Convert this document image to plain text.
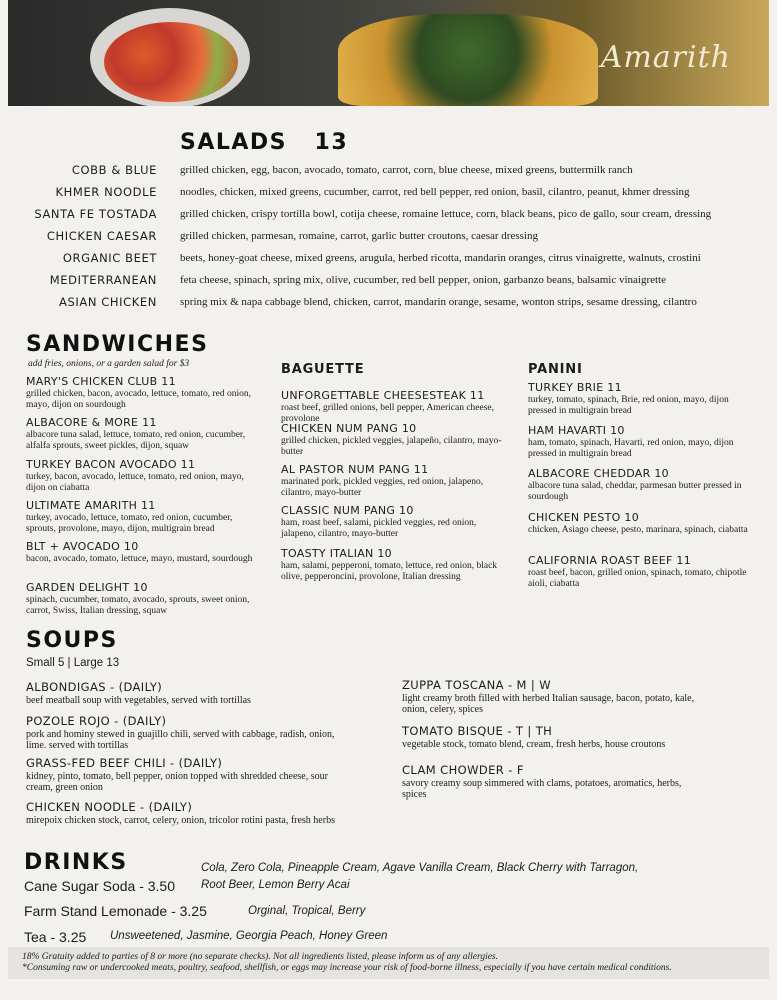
Amarith
SALADS 13
COBB & BLUE grilled chicken, egg, bacon, avocado, tomato, carrot, corn, blue cheese, mixed greens, buttermilk ranch
KHMER NOODLE noodles, chicken, mixed greens, cucumber, carrot, red bell pepper, red onion, basil, cilantro, peanut, khmer dressing
SANTA FE TOSTADA grilled chicken, crispy tortilla bowl, cotija cheese, romaine lettuce, corn, black beans, pico de gallo, sour cream, dressing
CHICKEN CAESAR grilled chicken, parmesan, romaine, carrot, garlic butter croutons, caesar dressing
ORGANIC BEET beets, honey-goat cheese, mixed greens, arugula, herbed ricotta, mandarin oranges, citrus vinaigrette, walnuts, crostini
MEDITERRANEAN feta cheese, spinach, spring mix, olive, cucumber, red bell pepper, onion, garbanzo beans, balsamic vinaigrette
ASIAN CHICKEN spring mix & napa cabbage blend, chicken, carrot, mandarin orange, sesame, wonton strips, sesame dressing, cilantro
SANDWICHES
add fries, onions, or a garden salad for $3
MARY'S CHICKEN CLUB 11
grilled chicken, bacon, avocado, lettuce, tomato, red onion, mayo, dijon on sourdough
ALBACORE & MORE 11
albacore tuna salad, lettuce, tomato, red onion, cucumber, alfalfa sprouts, sweet pickles, dijon, squaw
TURKEY BACON AVOCADO 11
turkey, bacon, avocado, lettuce, tomato, red onion, mayo, dijon on ciabatta
ULTIMATE AMARITH 11
turkey, avocado, lettuce, tomato, red onion, cucumber, sprouts, provolone, mayo, dijon, multigrain bread
BLT + AVOCADO 10
bacon, avocado, tomato, lettuce, mayo, mustard, sourdough
GARDEN DELIGHT 10
spinach, cucumber, tomato, avocado, sprouts, sweet onion, carrot, Swiss, Italian dressing, squaw
BAGUETTE
UNFORGETTABLE CHEESESTEAK 11
roast beef, grilled onions, bell pepper, American cheese, provolone
CHICKEN NUM PANG 10
grilled chicken, pickled veggies, jalapeño, cilantro, mayo-butter
AL PASTOR NUM PANG 11
marinated pork, pickled veggies, red onion, jalapeno, cilantro, mayo-butter
CLASSIC NUM PANG 10
ham, roast beef, salami, pickled veggies, red onion, jalapeno, cilantro, mayo-butter
TOASTY ITALIAN 10
ham, salami, pepperoni, tomato, lettuce, red onion, black olive, pepperoncini, provolone, Italian dressing
PANINI
TURKEY BRIE 11
turkey, tomato, spinach, Brie, red onion, mayo, dijon pressed in multigrain bread
HAM HAVARTI 10
ham, tomato, spinach, Havarti, red onion, mayo, dijon pressed in multigrain bread
ALBACORE CHEDDAR 10
albacore tuna salad, cheddar, parmesan butter pressed in sourdough
CHICKEN PESTO 10
chicken, Asiago cheese, pesto, marinara, spinach, ciabatta
CALIFORNIA ROAST BEEF 11
roast beef, bacon, grilled onion, spinach, tomato, chipotle aioli, ciabatta
SOUPS
Small 5 | Large 13
ALBONDIGAS - (DAILY)
beef meatball soup with vegetables, served with tortillas
POZOLE ROJO - (DAILY)
pork and hominy stewed in guajillo chili, served with cabbage, radish, onion, lime. served with tortillas
GRASS-FED BEEF CHILI - (DAILY)
kidney, pinto, tomato, bell pepper, onion topped with shredded cheese, sour cream, green onion
CHICKEN NOODLE - (DAILY)
mirepoix chicken stock, carrot, celery, onion, tricolor rotini pasta, fresh herbs
ZUPPA TOSCANA - M | W
light creamy broth filled with herbed Italian sausage, bacon, potato, kale, onion, celery, spices
TOMATO BISQUE - T | TH
vegetable stock, tomato blend, cream, fresh herbs, house croutons
CLAM CHOWDER - F
savory creamy soup simmered with clams, potatoes, aromatics, herbs, spices
DRINKS
Cane Sugar Soda - 3.50
Cola, Zero Cola, Pineapple Cream, Agave Vanilla Cream, Black Cherry with Tarragon,
Root Beer, Lemon Berry Acai
Farm Stand Lemonade - 3.25	Orginal, Tropical, Berry
Tea - 3.25 Unsweetened, Jasmine, Georgia Peach, Honey Green
18% Gratuity added to parties of 8 or more (no separate checks). Not all ingredients listed, please inform us of any allergies.
*Consuming raw or undercooked meats, poultry, seafood, shellfish, or eggs may increase your risk of food-borne illness, especially if you have certain medical conditions.
